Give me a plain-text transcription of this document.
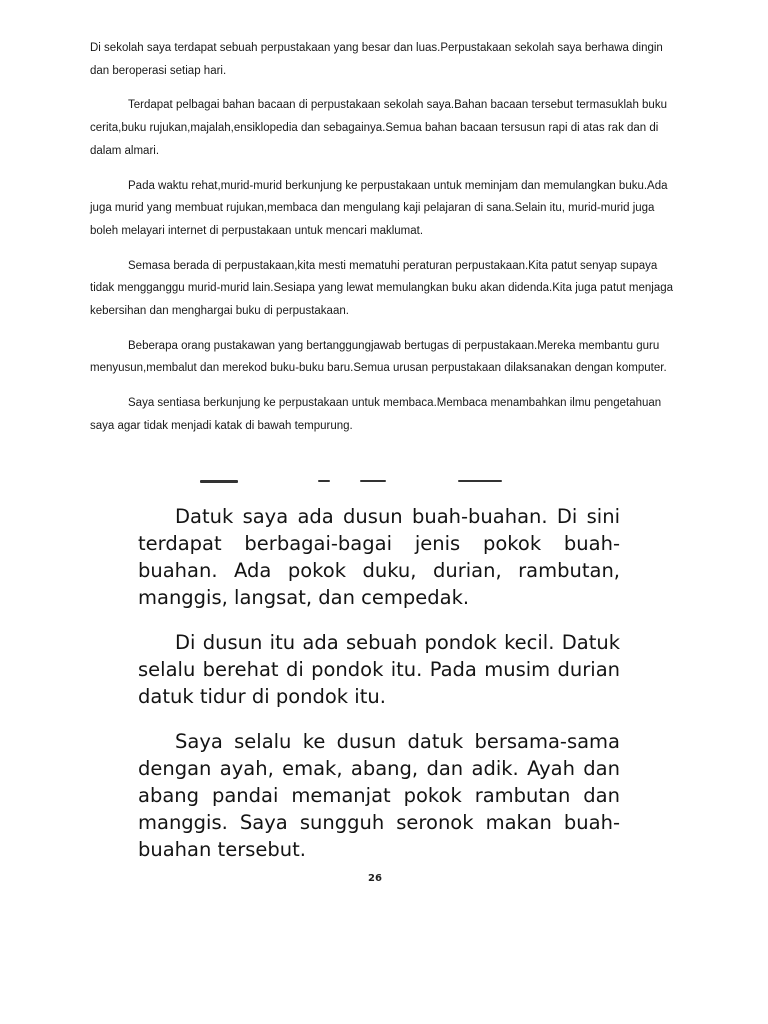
Di sekolah saya terdapat sebuah perpustakaan yang besar dan luas.Perpustakaan sekolah saya berhawa dingin dan beroperasi setiap hari.

Terdapat pelbagai bahan bacaan di perpustakaan sekolah saya.Bahan bacaan tersebut termasuklah buku cerita,buku rujukan,majalah,ensiklopedia dan sebagainya.Semua bahan bacaan tersusun rapi di atas rak dan di dalam almari.

Pada waktu rehat,murid-murid berkunjung ke perpustakaan untuk meminjam dan memulangkan buku.Ada juga murid yang membuat rujukan,membaca dan mengulang kaji pelajaran di sana.Selain itu, murid-murid juga boleh melayari internet di perpustakaan untuk mencari maklumat.

Semasa berada di perpustakaan,kita mesti mematuhi peraturan perpustakaan.Kita patut senyap supaya tidak mengganggu murid-murid lain.Sesiapa yang lewat memulangkan buku akan didenda.Kita juga patut menjaga kebersihan dan menghargai buku di perpustakaan.

Beberapa orang pustakawan yang bertanggungjawab bertugas di perpustakaan.Mereka membantu guru menyusun,membalut dan merekod buku-buku baru.Semua urusan perpustakaan dilaksanakan dengan komputer.

Saya sentiasa berkunjung ke perpustakaan untuk membaca.Membaca menambahkan ilmu pengetahuan saya agar tidak menjadi katak di bawah tempurung.

Datuk saya ada dusun buah-buahan. Di sini terdapat berbagai-bagai jenis pokok buah-buahan. Ada pokok duku, durian, rambutan, manggis, langsat, dan cempedak.

Di dusun itu ada sebuah pondok kecil. Datuk selalu berehat di pondok itu. Pada musim durian datuk tidur di pondok itu.

Saya selalu ke dusun datuk bersama-sama dengan ayah, emak, abang, dan adik. Ayah dan abang pandai memanjat pokok rambutan dan manggis. Saya sungguh seronok makan buah-buahan tersebut.

26
